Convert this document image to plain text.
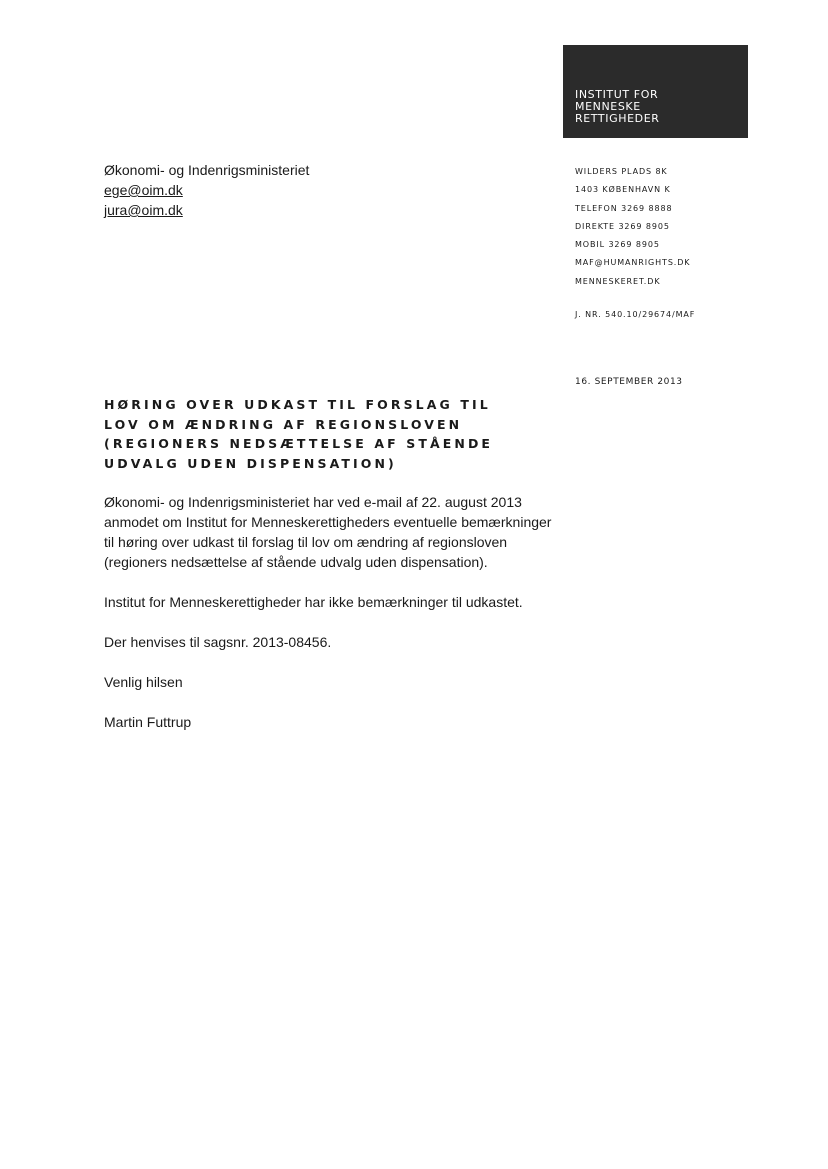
INSTITUT FOR
MENNESKE
RETTIGHEDER
Økonomi- og Indenrigsministeriet
ege@oim.dk
jura@oim.dk
WILDERS PLADS 8K
1403 KØBENHAVN K
TELEFON 3269 8888
DIREKTE 3269 8905
MOBIL 3269 8905
MAF@HUMANRIGHTS.DK
MENNESKERET.DK
J. NR. 540.10/29674/MAF
16. SEPTEMBER 2013
HØRING OVER UDKAST TIL FORSLAG TIL LOV OM ÆNDRING AF REGIONSLOVEN (REGIONERS NEDSÆTTELSE AF STÅENDE UDVALG UDEN DISPENSATION)

Økonomi- og Indenrigsministeriet har ved e-mail af 22. august 2013 anmodet om Institut for Menneskerettigheders eventuelle bemærkninger til høring over udkast til forslag til lov om ændring af regionsloven (regioners nedsættelse af stående udvalg uden dispensation).

Institut for Menneskerettigheder har ikke bemærkninger til udkastet.

Der henvises til sagsnr. 2013-08456.

Venlig hilsen

Martin Futtrup
